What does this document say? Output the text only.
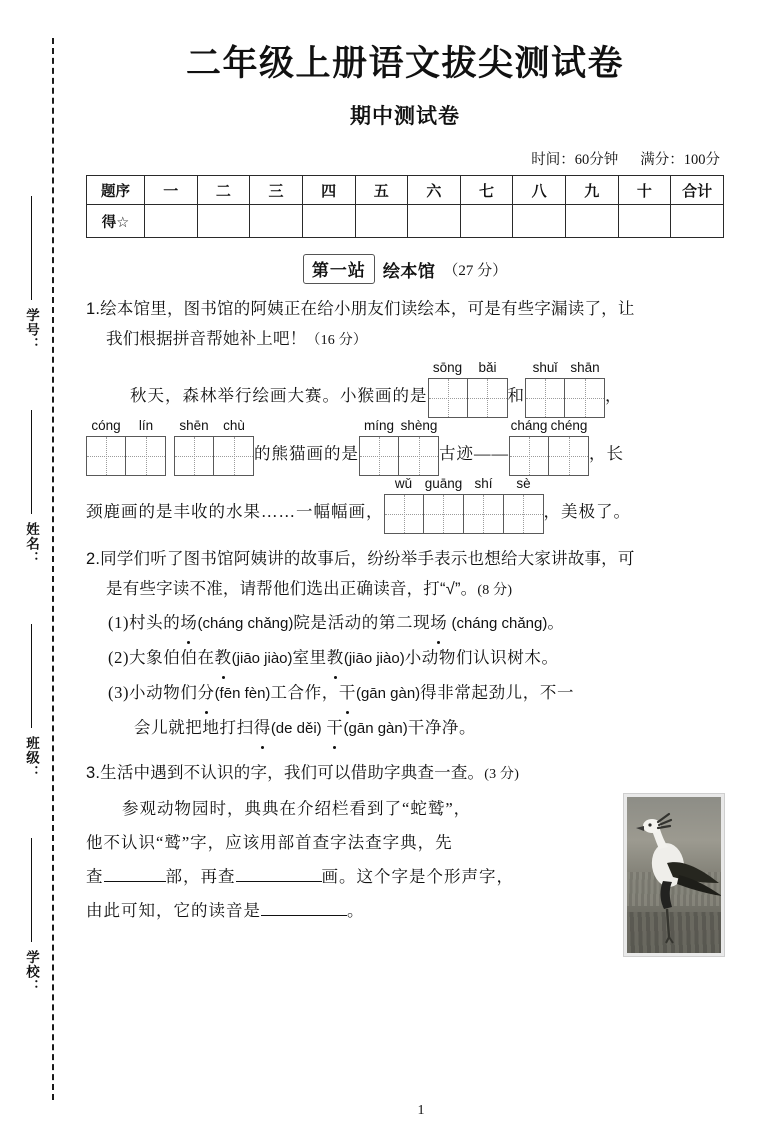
学号：
姓名：
班级：
学校：
二年级上册语文拔尖测试卷
期中测试卷
时间：60分钟 满分：100分
题序	一	二	三	四	五	六	七	八	九	十	合计
得☆											
第一站	绘本馆 （27 分）
1.绘本馆里，图书馆的阿姨正在给小朋友们读绘本，可是有些字漏读了，让
我们根据拼音帮她补上吧！（16 分）
秋天，森林举行绘画大赛。小猴画的是
sōng	bǎi
和
shuǐ shān
，
cóng	lín	shēn	chù
的熊猫画的是
míng shèng
古迹——
cháng chéng
，长
颈鹿画的是丰收的水果……一幅幅画，
wǔ guāng shí	sè
，美极了。
2.同学们听了图书馆阿姨讲的故事后，纷纷举手表示也想给大家讲故事，可
是有些字读不准，请帮他们选出正确读音，打“√”。(8 分)
(1)村头的场(cháng chǎng)院是活动的第二现场 (cháng chǎng)。
(2)大象伯伯在教(jiāo jiào)室里教(jiāo jiào)小动物们认识树木。
(3)小动物们分(fēn fèn)工合作，干(gān gàn)得非常起劲儿，不一
会儿就把地打扫得(de děi) 干(gān gàn)干净净。
3.生活中遇到不认识的字，我们可以借助字典查一查。(3 分)
参观动物园时，典典在介绍栏看到了“蛇鹫”，
他不认识“鹫”字，应该用部首查字法查字典，先
查	部，再查	画。这个字是个形声字，
由此可知，它的读音是	。
1
